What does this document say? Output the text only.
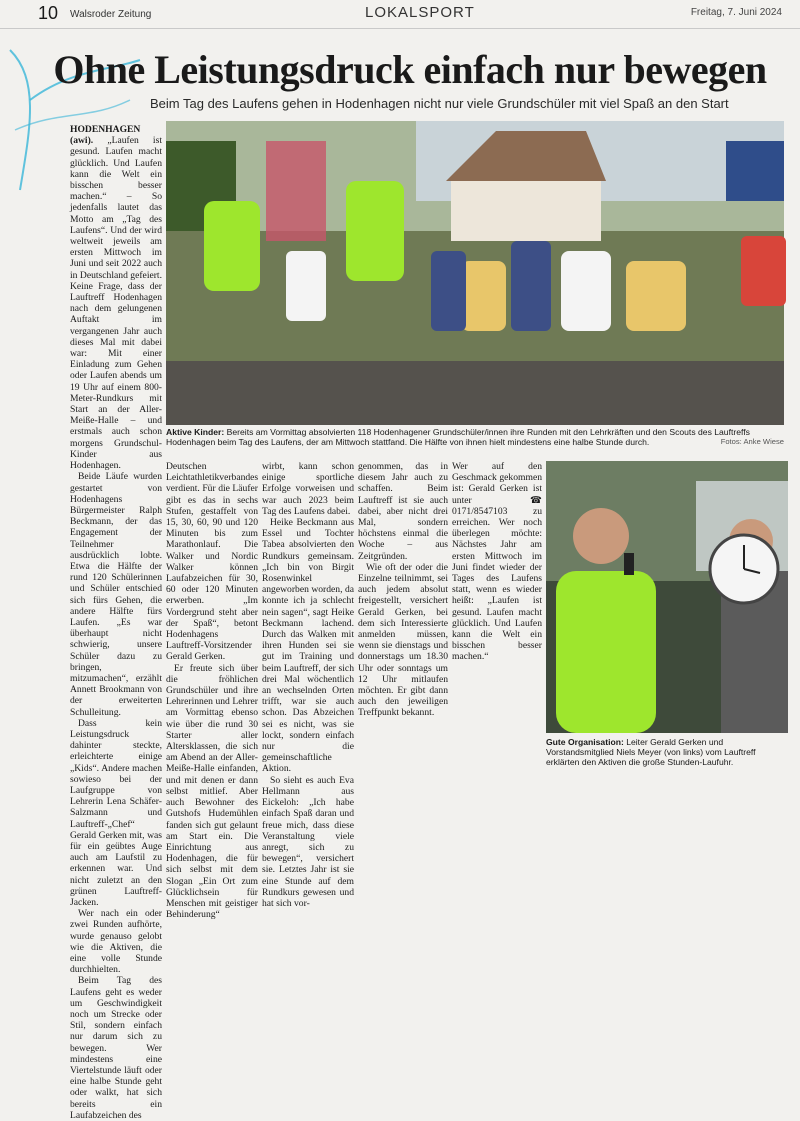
10 Walsroder Zeitung	LOKALSPORT	Freitag, 7. Juni 2024
Ohne Leistungsdruck einfach nur bewegen
Beim Tag des Laufens gehen in Hodenhagen nicht nur viele Grundschüler mit viel Spaß an den Start

HODENHAGEN (awi). „Laufen ist gesund. Laufen macht glücklich. Und Laufen kann die Welt ein bisschen besser machen.“ – So jedenfalls lautet das Motto am „Tag des Laufens“. Und der wird weltweit jeweils am ersten Mittwoch im Juni und seit 2022 auch in Deutschland gefeiert. Keine Frage, dass der Lauftreff Hodenhagen nach dem gelungenen Auftakt im vergangenen Jahr auch dieses Mal mit dabei war: Mit einer Einladung zum Gehen oder Laufen abends um 19 Uhr auf einem 800-Meter-Rundkurs mit Start an der Aller-Meiße-Halle – und erstmals auch schon morgens Grundschul-Kinder aus Hodenhagen.

Beide Läufe wurden gestartet von Hodenhagens Bürgermeister Ralph Beckmann, der das Engagement der Teilnehmer ausdrücklich lobte. Etwa die Hälfte der rund 120 Schülerinnen und Schüler entschied sich fürs Gehen, die andere Hälfte fürs Laufen. „Es war überhaupt nicht schwierig, unsere Schüler dazu zu bringen, mitzumachen“, erzählt Annett Brookmann von der erweiterten Schulleitung.

Dass kein Leistungsdruck dahinter steckte, erleichterte einige „Kids“. Andere machen sowieso bei der Laufgruppe von Lehrerin Lena Schäfer-Salzmann und Lauftreff-„Chef“ Gerald Gerken mit, was für ein geübtes Auge auch am Laufstil zu erkennen war. Und nicht zuletzt an den grünen Lauftreff-Jacken.

Wer nach ein oder zwei Runden aufhörte, wurde genauso gelobt wie die Aktiven, die eine volle Stunde durchhielten.

Beim Tag des Laufens geht es weder um Geschwindigkeit noch um Strecke oder Stil, sondern einfach nur darum sich zu bewegen. Wer mindestens eine Viertelstunde läuft oder eine halbe Stunde geht oder walkt, hat sich bereits ein Laufabzeichen des

Aktive Kinder: Bereits am Vormittag absolvierten 118 Hodenhagener Grundschüler/innen ihre Runden mit den Lehrkräften und den Scouts des Lauftreffs Hodenhagen beim Tag des Laufens, der am Mittwoch stattfand. Die Hälfte von ihnen hielt mindestens eine halbe Stunde durch.	Fotos: Anke Wiese

Deutschen Leichtathletikverbandes verdient. Für die Läufer gibt es das in sechs Stufen, gestaffelt von 15, 30, 60, 90 und 120 Minuten bis zum Marathonlauf. Die Walker und Nordic Walker können Laufabzeichen für 30, 60 oder 120 Minuten erwerben. „Im Vordergrund steht aber der Spaß“, betont Hodenhagens Lauftreff-Vorsitzender Gerald Gerken.

Er freute sich über die fröhlichen Grundschüler und ihre Lehrerinnen und Lehrer am Vormittag ebenso wie über die rund 30 Starter aller Altersklassen, die sich am Abend an der Aller-Meiße-Halle einfanden, und mit denen er dann selbst mitlief. Aber auch Bewohner des Gutshofs Hudemühlen fanden sich gut gelaunt am Start ein. Die Einrichtung aus Hodenhagen, die für sich selbst mit dem Slogan „Ein Ort zum Glücklichsein für Menschen mit geistiger Behinderung“

wirbt, kann schon einige sportliche Erfolge vorweisen und war auch 2023 beim Tag des Laufens dabei.

Heike Beckmann aus Essel und Tochter Tabea absolvierten den Rundkurs gemeinsam. „Ich bin von Birgit Rosenwinkel angeworben worden, da konnte ich ja schlecht nein sagen“, sagt Heike Beckmann lachend. Durch das Walken mit ihren Hunden sei sie gut im Training und beim Lauftreff, der sich drei Mal wöchentlich an wechselnden Orten trifft, war sie auch schon. Das Abzeichen sei es nicht, was sie lockt, sondern einfach nur die gemeinschaftliche Aktion.

So sieht es auch Eva Hellmann aus Eickeloh: „Ich habe einfach Spaß daran und freue mich, dass diese Veranstaltung viele anregt, sich zu bewegen“, versichert sie. Letztes Jahr ist sie eine Stunde auf dem Rundkurs gewesen und hat sich vor-

genommen, das in diesem Jahr auch zu schaffen. Beim Lauftreff ist sie auch dabei, aber nicht drei Mal, sondern höchstens einmal die Woche – aus Zeitgründen.

Wie oft der oder die Einzelne teilnimmt, sei auch jedem absolut freigestellt, versichert Gerald Gerken, bei dem sich Interessierte anmelden müssen, wenn sie dienstags und donnerstags um 18.30 Uhr oder sonntags um 12 Uhr mitlaufen möchten. Er gibt dann auch den jeweiligen Treffpunkt bekannt.

Wer auf den Geschmack gekommen ist: Gerald Gerken ist unter ☎ 0171/8547103 zu erreichen. Wer noch überlegen möchte: Nächstes Jahr am ersten Mittwoch im Juni findet wieder der Tages des Laufens statt, wenn es wieder heißt: „Laufen ist gesund. Laufen macht glücklich. Und Laufen kann die Welt ein bisschen besser machen.“

Gute Organisation: Leiter Gerald Gerken und Vorstandsmitglied Niels Meyer (von links) vom Lauftreff erklärten den Aktiven die große Stunden-Laufuhr.
